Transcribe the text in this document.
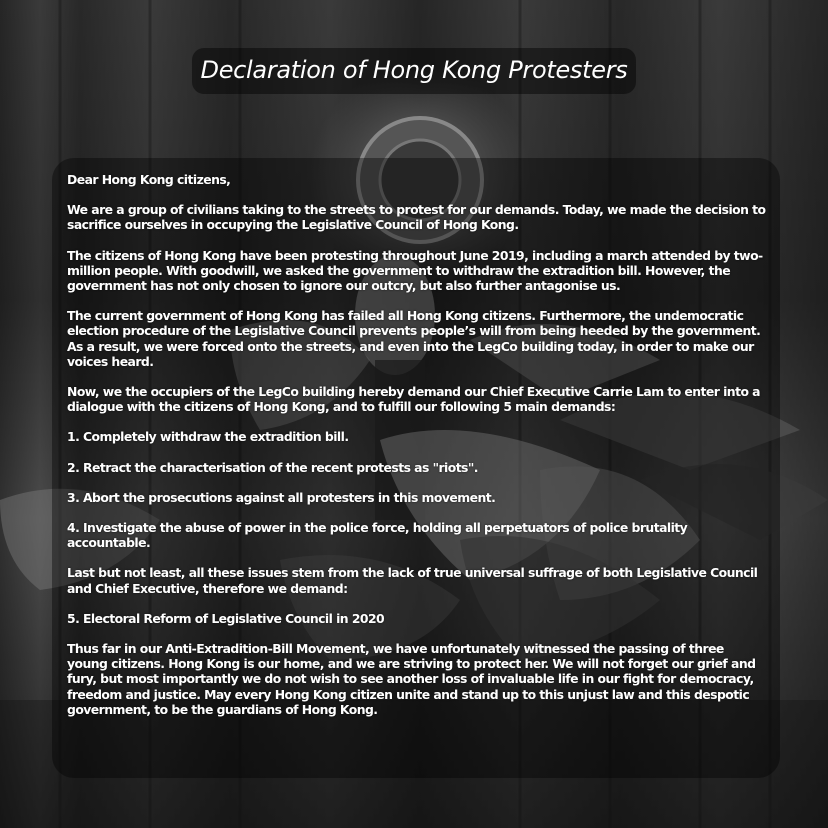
Declaration of Hong Kong Protesters

Dear Hong Kong citizens,

We are a group of civilians taking to the streets to protest for our demands. Today, we made the decision to sacrifice ourselves in occupying the Legislative Council of Hong Kong.

The citizens of Hong Kong have been protesting throughout June 2019, including a march attended by two-million people. With goodwill, we asked the government to withdraw the extradition bill. However, the government has not only chosen to ignore our outcry, but also further antagonise us.

The current government of Hong Kong has failed all Hong Kong citizens. Furthermore, the undemocratic election procedure of the Legislative Council prevents people’s will from being heeded by the government. As a result, we were forced onto the streets, and even into the LegCo building today, in order to make our voices heard.

Now, we the occupiers of the LegCo building hereby demand our Chief Executive Carrie Lam to enter into a dialogue with the citizens of Hong Kong, and to fulfill our following 5 main demands:

1. Completely withdraw the extradition bill.

2. Retract the characterisation of the recent protests as "riots".

3. Abort the prosecutions against all protesters in this movement.

4. Investigate the abuse of power in the police force, holding all perpetuators of police brutality accountable.

Last but not least, all these issues stem from the lack of true universal suffrage of both Legislative Council and Chief Executive, therefore we demand:

5. Electoral Reform of Legislative Council in 2020

Thus far in our Anti-Extradition-Bill Movement, we have unfortunately witnessed the passing of three young citizens. Hong Kong is our home, and we are striving to protect her. We will not forget our grief and fury, but most importantly we do not wish to see another loss of invaluable life in our fight for democracy, freedom and justice. May every Hong Kong citizen unite and stand up to this unjust law and this despotic government, to be the guardians of Hong Kong.
